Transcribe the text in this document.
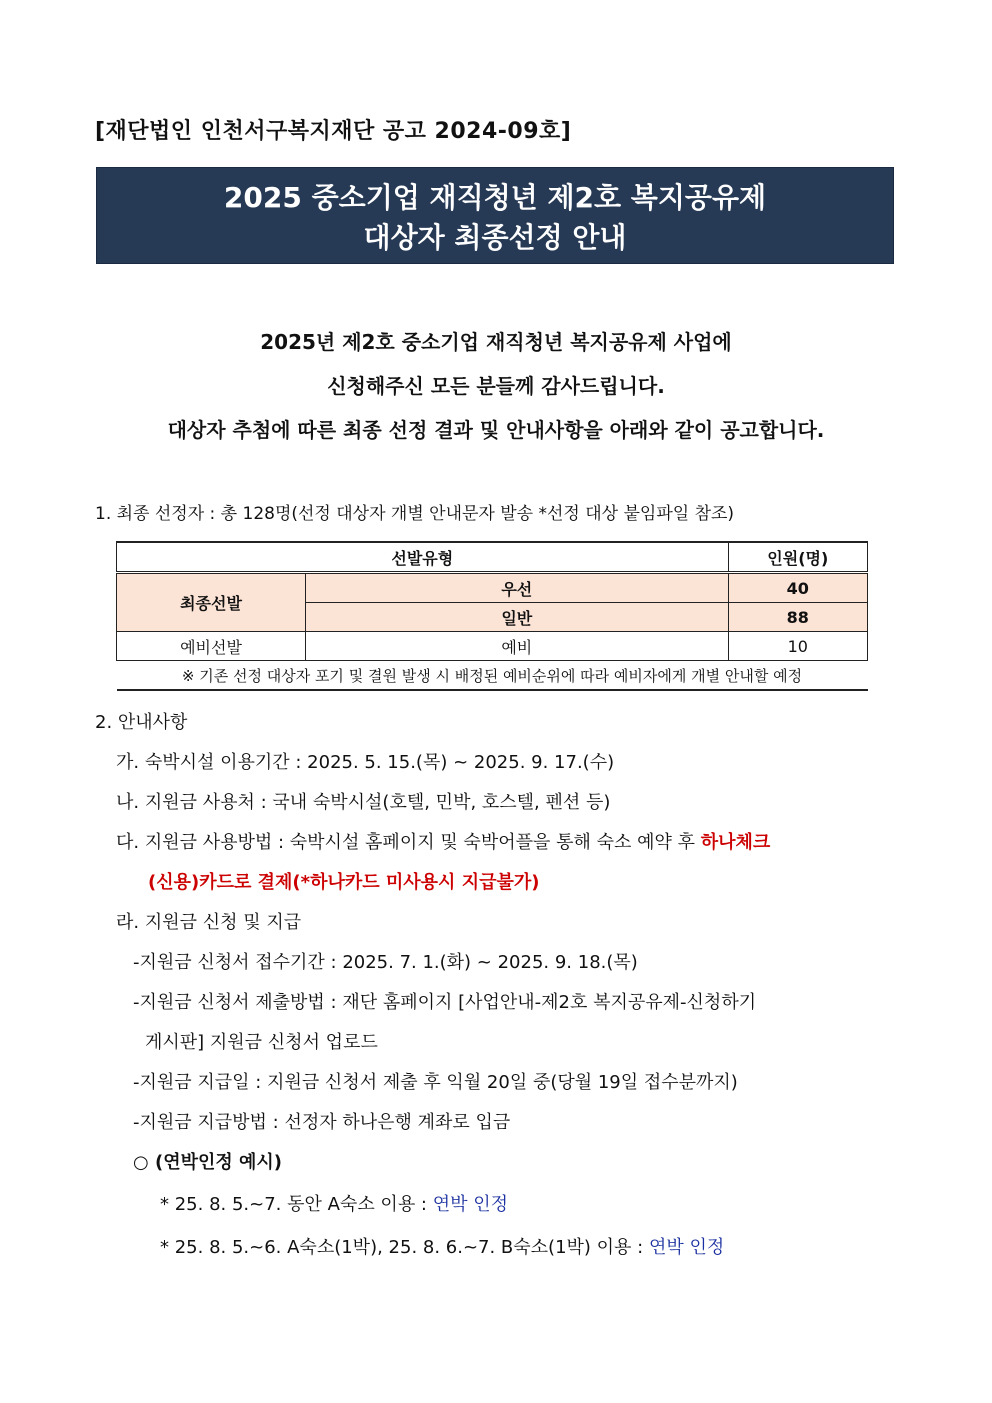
[재단법인 인천서구복지재단 공고 2024-09호]
2025 중소기업 재직청년 제2호 복지공유제
대상자 최종선정 안내
2025년 제2호 중소기업 재직청년 복지공유제 사업에
신청해주신 모든 분들께 감사드립니다.
대상자 추첨에 따른 최종 선정 결과 및 안내사항을 아래와 같이 공고합니다.
1. 최종 선정자 : 총 128명(선정 대상자 개별 안내문자 발송 *선정 대상 붙임파일 참조)
선발유형		인원(명)
최종선발	우선	40
	일반	88
예비선발	예비	10
※ 기존 선정 대상자 포기 및 결원 발생 시 배정된 예비순위에 따라 예비자에게 개별 안내할 예정		
2. 안내사항
가. 숙박시설 이용기간 : 2025. 5. 15.(목) ~ 2025. 9. 17.(수)
나. 지원금 사용처 : 국내 숙박시설(호텔, 민박, 호스텔, 펜션 등)
다. 지원금 사용방법 : 숙박시설 홈페이지 및 숙박어플을 통해 숙소 예약 후 하나체크
(신용)카드로 결제(*하나카드 미사용시 지급불가)
라. 지원금 신청 및 지급
-지원금 신청서 접수기간 : 2025. 7. 1.(화) ~ 2025. 9. 18.(목)
-지원금 신청서 제출방법 : 재단 홈페이지 [사업안내-제2호 복지공유제-신청하기
게시판] 지원금 신청서 업로드
-지원금 지급일 : 지원금 신청서 제출 후 익월 20일 중(당월 19일 접수분까지)
-지원금 지급방법 : 선정자 하나은행 계좌로 입금
○ (연박인정 예시)
* 25. 8. 5.~7. 동안 A숙소 이용 : 연박 인정
* 25. 8. 5.~6. A숙소(1박), 25. 8. 6.~7. B숙소(1박) 이용 : 연박 인정
